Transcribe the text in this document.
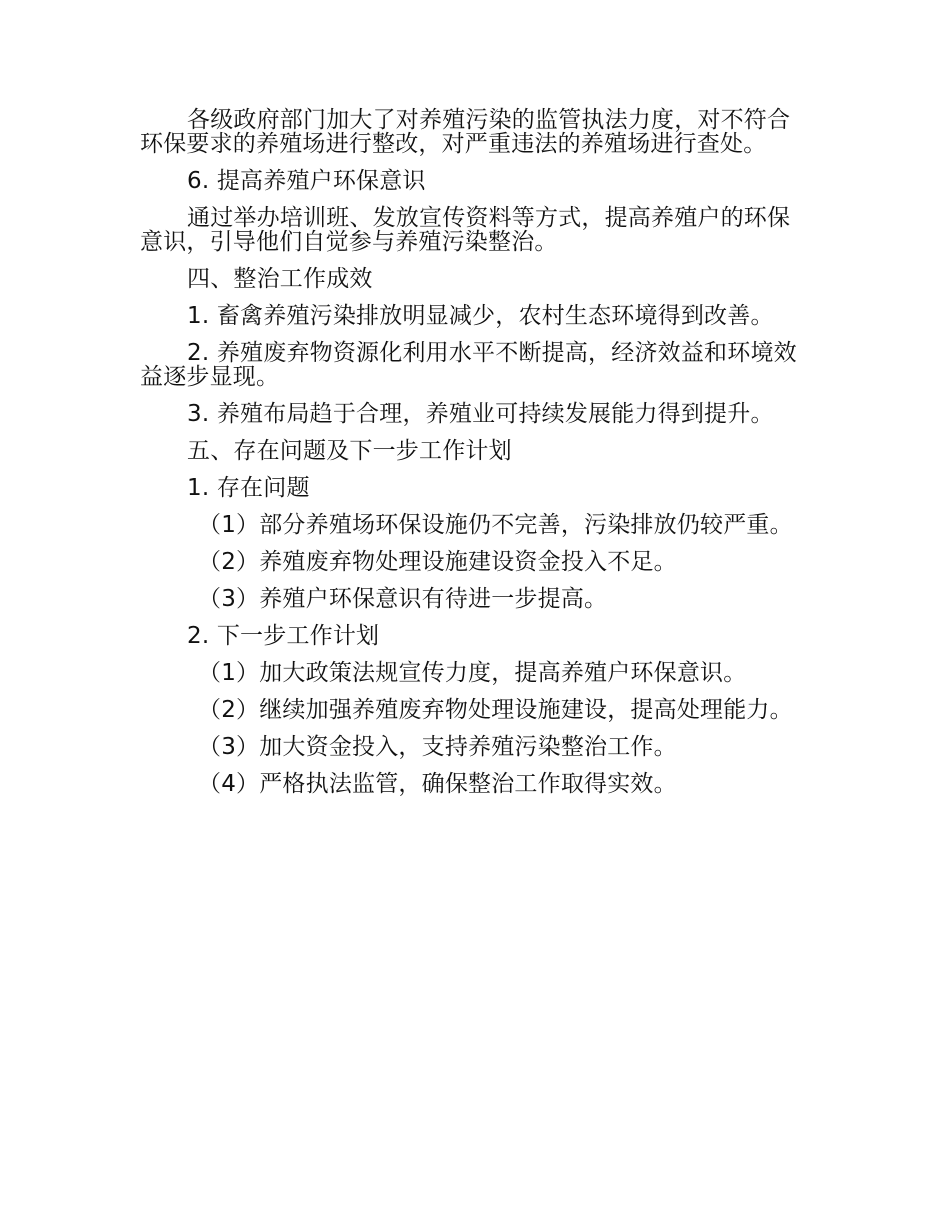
各级政府部门加大了对养殖污染的监管执法力度，对不符合环保要求的养殖场进行整改，对严重违法的养殖场进行查处。

6. 提高养殖户环保意识

通过举办培训班、发放宣传资料等方式，提高养殖户的环保意识，引导他们自觉参与养殖污染整治。

四、整治工作成效

1. 畜禽养殖污染排放明显减少，农村生态环境得到改善。

2. 养殖废弃物资源化利用水平不断提高，经济效益和环境效益逐步显现。

3. 养殖布局趋于合理，养殖业可持续发展能力得到提升。

五、存在问题及下一步工作计划

1. 存在问题

（1）部分养殖场环保设施仍不完善，污染排放仍较严重。

（2）养殖废弃物处理设施建设资金投入不足。

（3）养殖户环保意识有待进一步提高。

2. 下一步工作计划

（1）加大政策法规宣传力度，提高养殖户环保意识。

（2）继续加强养殖废弃物处理设施建设，提高处理能力。

（3）加大资金投入，支持养殖污染整治工作。

（4）严格执法监管，确保整治工作取得实效。
